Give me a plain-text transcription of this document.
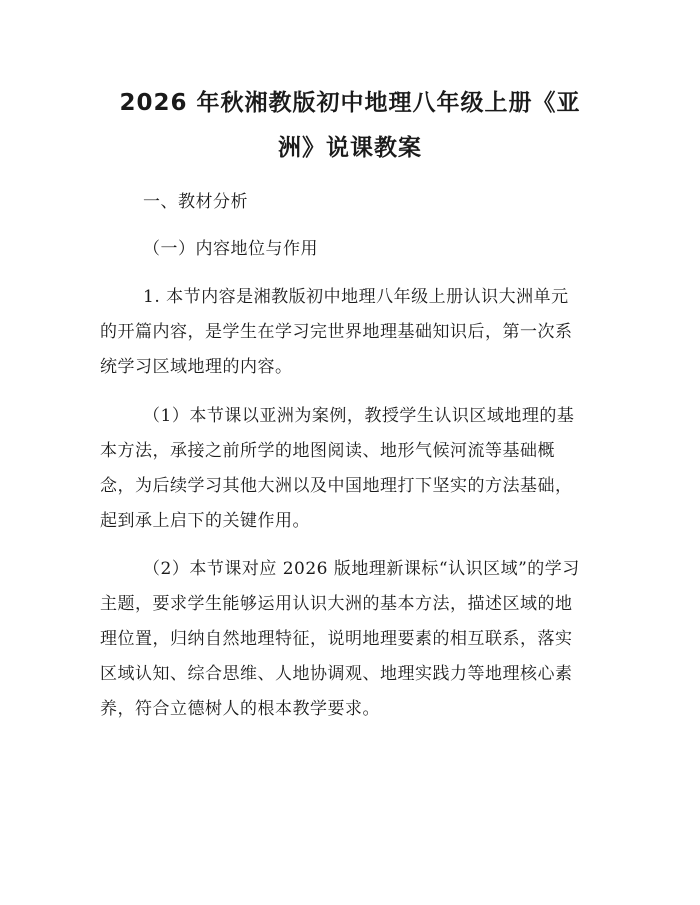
2026 年秋湘教版初中地理八年级上册《亚
洲》说课教案
一、教材分析
（一）内容地位与作用
1. 本节内容是湘教版初中地理八年级上册认识大洲单元
的开篇内容，是学生在学习完世界地理基础知识后，第一次系
统学习区域地理的内容。
（1）本节课以亚洲为案例，教授学生认识区域地理的基
本方法，承接之前所学的地图阅读、地形气候河流等基础概
念，为后续学习其他大洲以及中国地理打下坚实的方法基础，
起到承上启下的关键作用。
（2）本节课对应 2026 版地理新课标“认识区域”的学习
主题，要求学生能够运用认识大洲的基本方法，描述区域的地
理位置，归纳自然地理特征，说明地理要素的相互联系，落实
区域认知、综合思维、人地协调观、地理实践力等地理核心素
养，符合立德树人的根本教学要求。
